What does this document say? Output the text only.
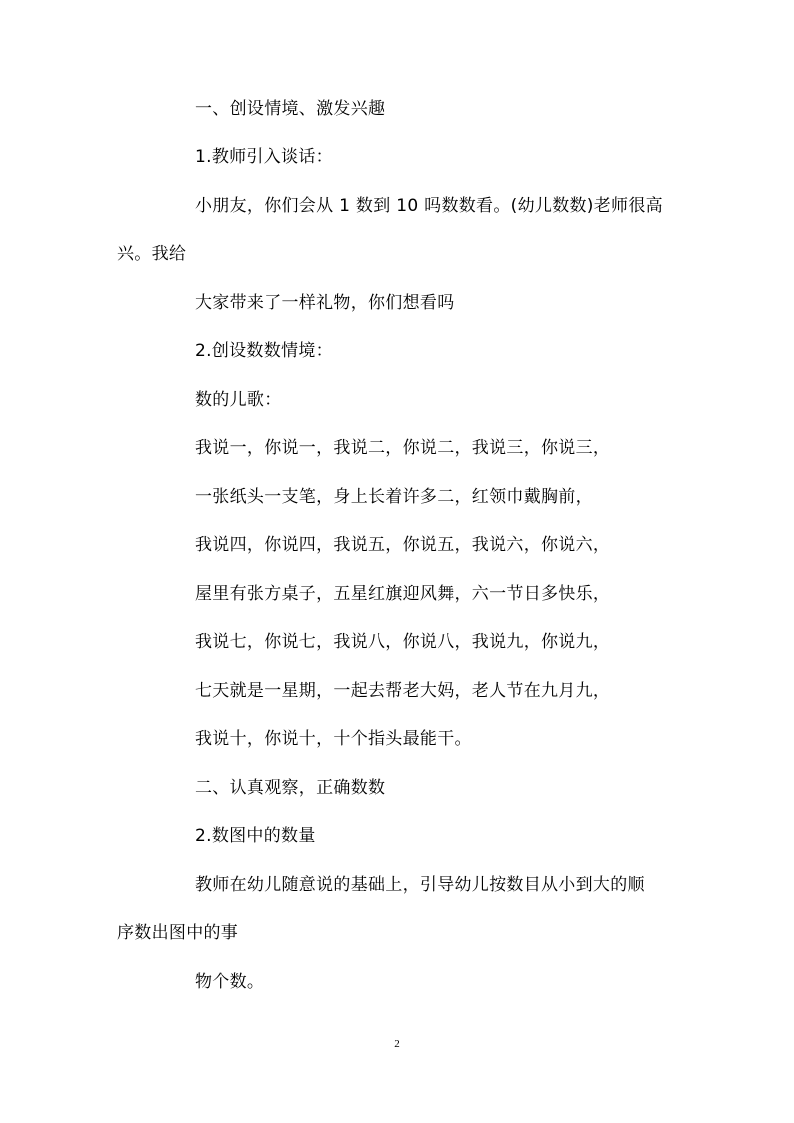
一、创设情境、激发兴趣
1.教师引入谈话：
小朋友，你们会从 1 数到 10 吗数数看。(幼儿数数)老师很高
兴。我给
大家带来了一样礼物，你们想看吗
2.创设数数情境：
数的儿歌：
我说一，你说一，我说二，你说二，我说三，你说三，
一张纸头一支笔，身上长着许多二，红领巾戴胸前，
我说四，你说四，我说五，你说五，我说六，你说六，
屋里有张方桌子，五星红旗迎风舞，六一节日多快乐，
我说七，你说七，我说八，你说八，我说九，你说九，
七天就是一星期，一起去帮老大妈，老人节在九月九，
我说十，你说十，十个指头最能干。
二、认真观察，正确数数
2.数图中的数量
教师在幼儿随意说的基础上，引导幼儿按数目从小到大的顺
序数出图中的事
物个数。
2
